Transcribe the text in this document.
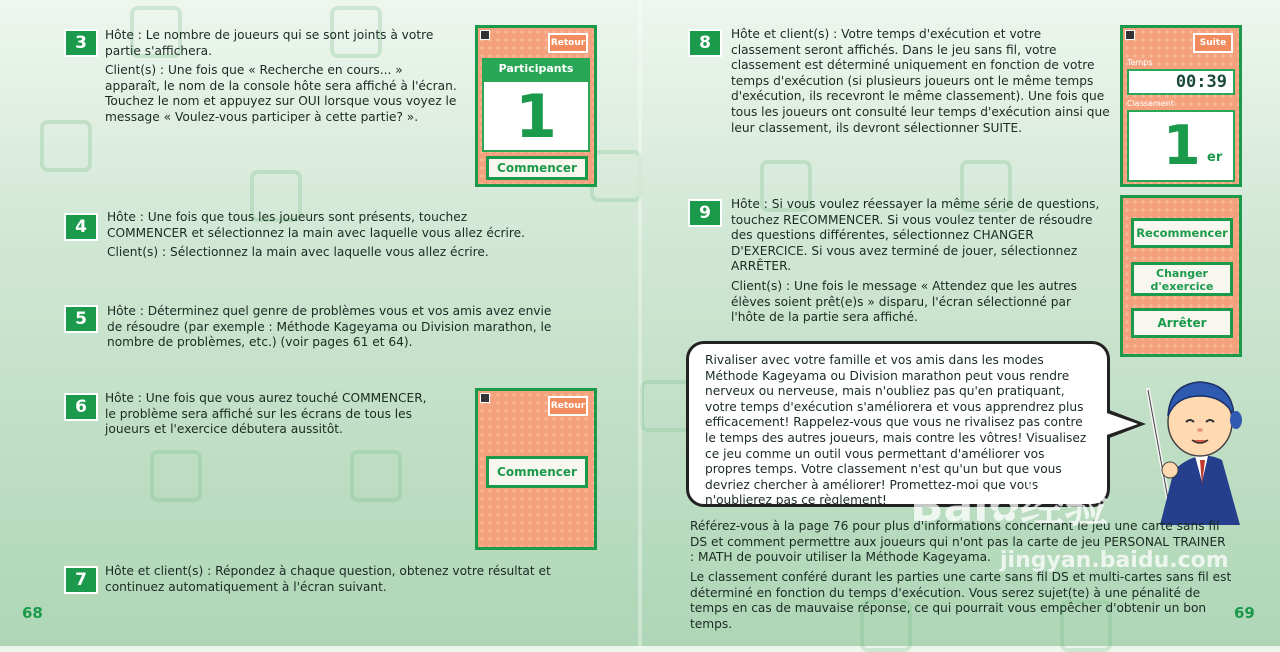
3	Hôte : Le nombre de joueurs qui se sont joints à votre partie s'affichera.

Client(s) : Une fois que « Recherche en cours... » apparaît, le nom de la console hôte sera affiché à l'écran. Touchez le nom et appuyez sur OUI lorsque vous voyez le message « Voulez-vous participer à cette partie? ».

Retour
Participants
1
Commencer
4	Hôte : Une fois que tous les joueurs sont présents, touchez COMMENCER et sélectionnez la main avec laquelle vous allez écrire.

Client(s) : Sélectionnez la main avec laquelle vous allez écrire.

5	Hôte : Déterminez quel genre de problèmes vous et vos amis avez envie de résoudre (par exemple : Méthode Kageyama ou Division marathon, le nombre de problèmes, etc.) (voir pages 61 et 64).

6	Hôte : Une fois que vous aurez touché COMMENCER, le problème sera affiché sur les écrans de tous les joueurs et l'exercice débutera aussitôt.

Retour
Commencer
7	Hôte et client(s) : Répondez à chaque question, obtenez votre résultat et continuez automatiquement à l'écran suivant.

68
8	Hôte et client(s) : Votre temps d'exécution et votre classement seront affichés. Dans le jeu sans fil, votre classement est déterminé uniquement en fonction de votre temps d'exécution (si plusieurs joueurs ont le même temps d'exécution, ils recevront le même classement). Une fois que tous les joueurs ont consulté leur temps d'exécution ainsi que leur classement, ils devront sélectionner SUITE.

Suite
Temps
00:39
Classement
1 er
9	Hôte : Si vous voulez réessayer la même série de questions, touchez RECOMMENCER. Si vous voulez tenter de résoudre des questions différentes, sélectionnez CHANGER D'EXERCICE. Si vous avez terminé de jouer, sélectionnez ARRÊTER.

Client(s) : Une fois le message « Attendez que les autres élèves soient prêt(e)s » disparu, l'écran sélectionné par l'hôte de la partie sera affiché.

Recommencer
Changer
d'exercice
Arrêter
Rivaliser avec votre famille et vos amis dans les modes Méthode Kageyama ou Division marathon peut vous rendre nerveux ou nerveuse, mais n'oubliez pas qu'en pratiquant, votre temps d'exécution s'améliorera et vous apprendrez plus efficacement! Rappelez-vous que vous ne rivalisez pas contre le temps des autres joueurs, mais contre les vôtres! Visualisez ce jeu comme un outil vous permettant d'améliorer vos propres temps. Votre classement n'est qu'un but que vous devriez chercher à améliorer! Promettez-moi que vous n'oublierez pas ce règlement!
Référez-vous à la page 76 pour plus d'informations concernant le jeu une carte sans fil DS et comment permettre aux joueurs qui n'ont pas la carte de jeu PERSONAL TRAINER : MATH de pouvoir utiliser la Méthode Kageyama.
Le classement conféré durant les parties une carte sans fil DS et multi-cartes sans fil est déterminé en fonction du temps d'exécution. Vous serez sujet(te) à une pénalité de temps en cas de mauvaise réponse, ce qui pourrait vous empêcher d'obtenir un bon temps.
Bai✿经验
jingyan.baidu.com
69
